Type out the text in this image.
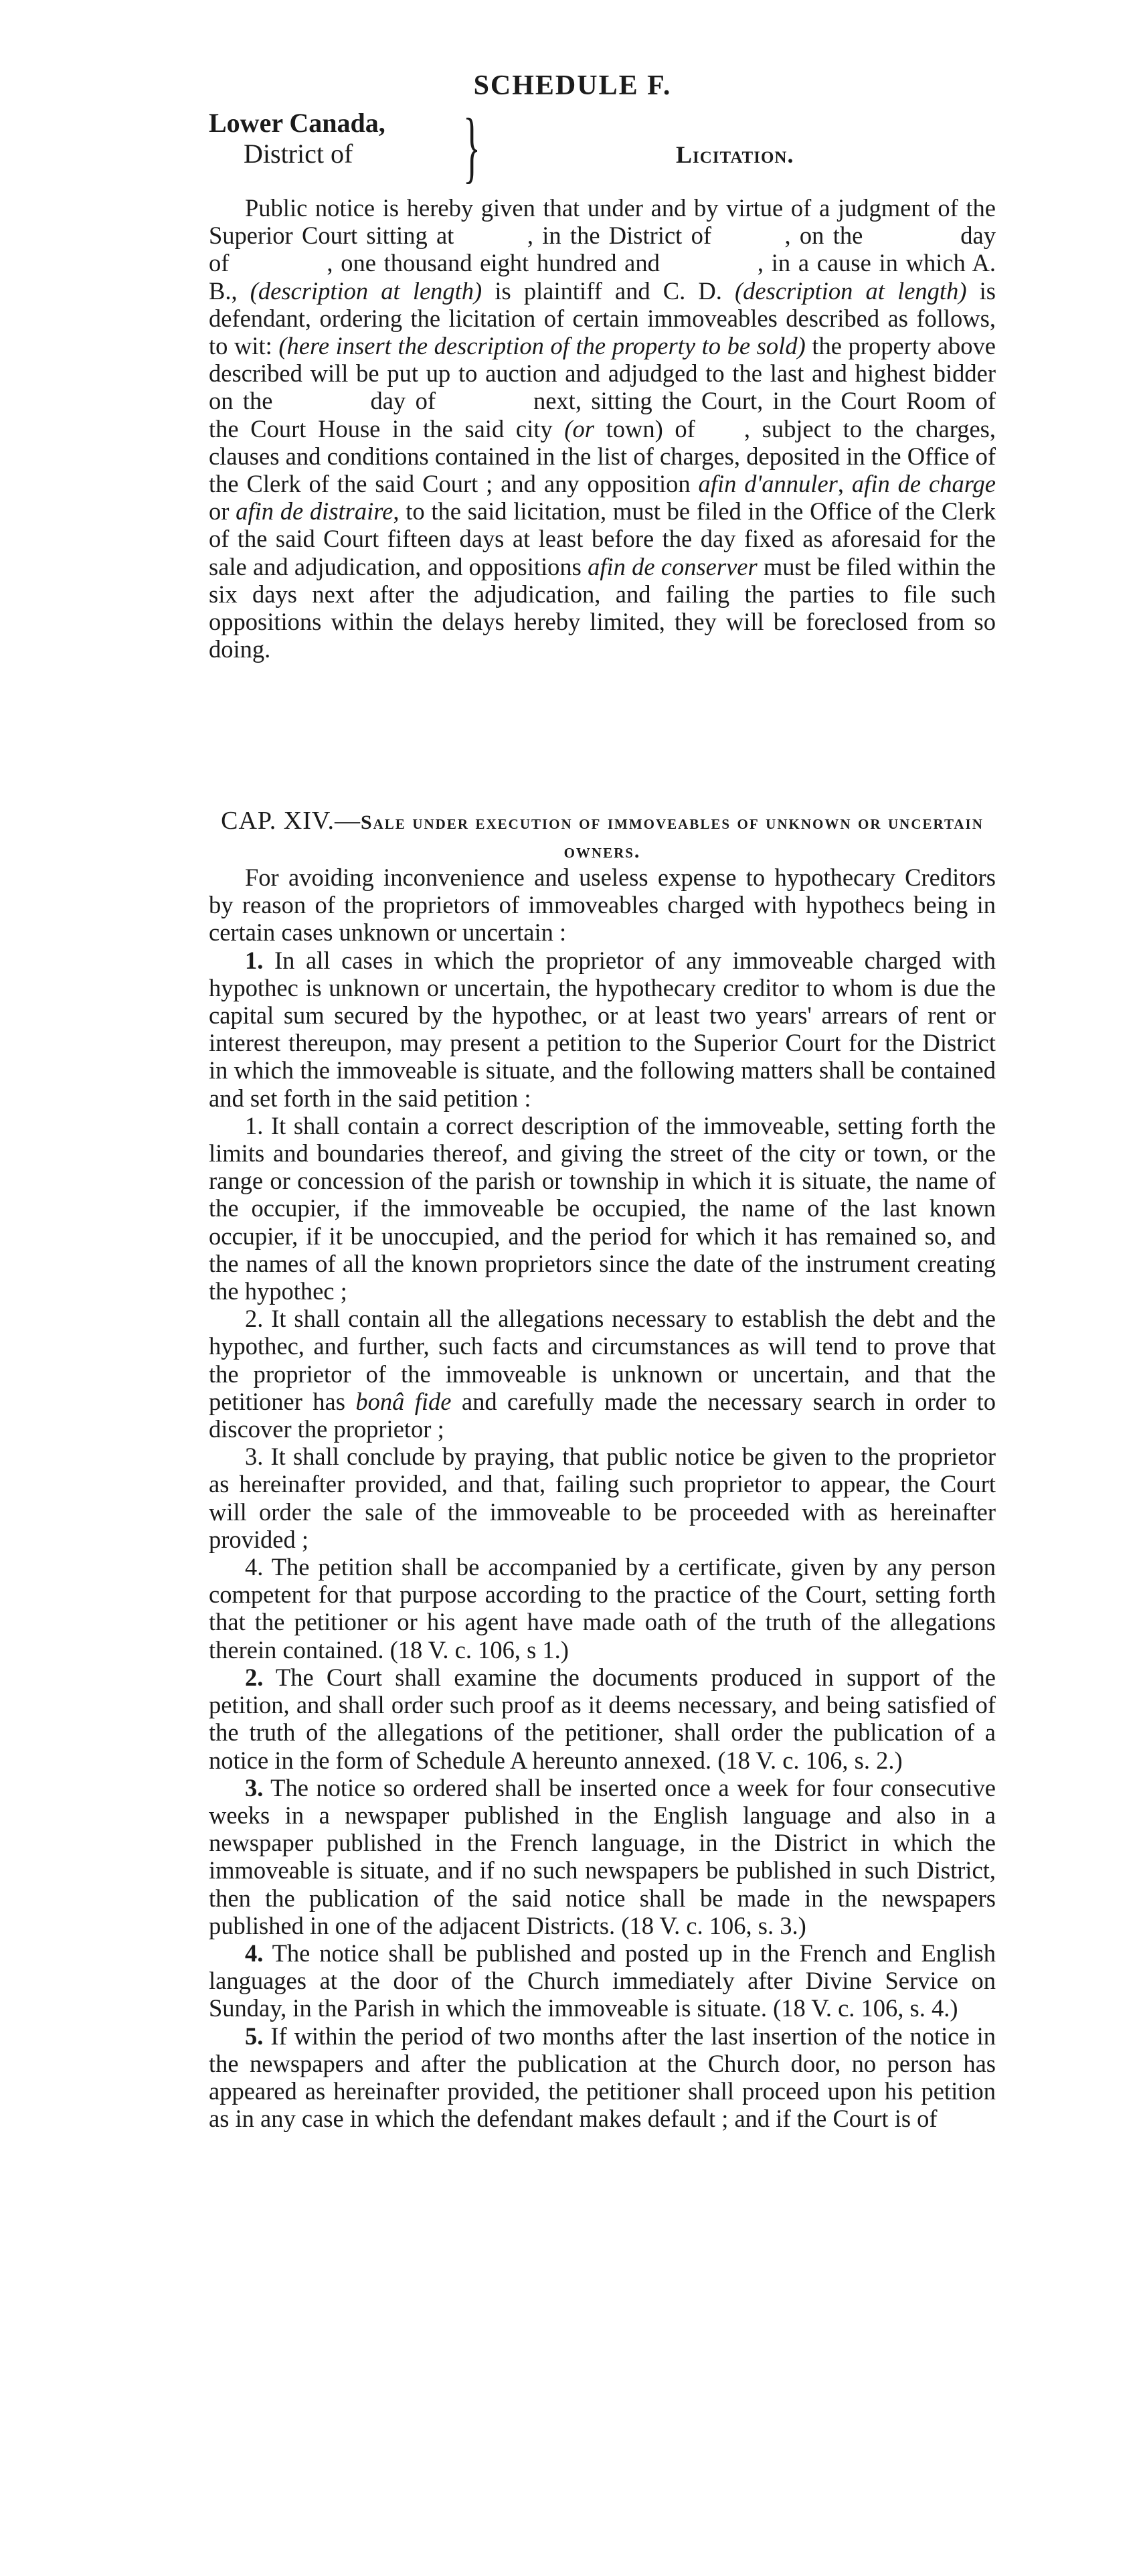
SCHEDULE F.
Lower Canada,
District of }	Licitation.

Public notice is hereby given that under and by virtue of a judgment of the Superior Court sitting at   , in the District of   , on the    day of    , one thousand eight hundred and    , in a cause in which A. B., (description at length) is plaintiff and C. D. (description at length) is defendant, ordering the licitation of certain immoveables described as follows, to wit: (here insert the description of the property to be sold) the property above described will be put up to auction and adjudged to the last and highest bidder on the    day of    next, sitting the Court, in the Court Room of the Court House in the said city (or town) of  , subject to the charges, clauses and conditions contained in the list of charges, deposited in the Office of the Clerk of the said Court ; and any opposition afin d'annuler, afin de charge or afin de distraire, to the said licitation, must be filed in the Office of the Clerk of the said Court fifteen days at least before the day fixed as aforesaid for the sale and adjudication, and oppositions afin de conserver must be filed within the six days next after the adjudication, and failing the parties to file such oppositions within the delays hereby limited, they will be foreclosed from so doing.

CAP. XIV.—Sale under execution of immoveables of unknown or uncertain owners.

For avoiding inconvenience and useless expense to hypothecary Creditors by reason of the proprietors of immoveables charged with hypothecs being in certain cases unknown or uncertain :

1. In all cases in which the proprietor of any immoveable charged with hypothec is unknown or uncertain, the hypothecary creditor to whom is due the capital sum secured by the hypothec, or at least two years' arrears of rent or interest thereupon, may present a petition to the Superior Court for the District in which the immoveable is situate, and the following matters shall be contained and set forth in the said petition :

1. It shall contain a correct description of the immoveable, setting forth the limits and boundaries thereof, and giving the street of the city or town, or the range or concession of the parish or township in which it is situate, the name of the occupier, if the immoveable be occupied, the name of the last known occupier, if it be unoccupied, and the period for which it has remained so, and the names of all the known proprietors since the date of the instrument creating the hypothec ;

2. It shall contain all the allegations necessary to establish the debt and the hypothec, and further, such facts and circumstances as will tend to prove that the proprietor of the immoveable is unknown or uncertain, and that the petitioner has bonâ fide and carefully made the necessary search in order to discover the proprietor ;

3. It shall conclude by praying, that public notice be given to the proprietor as hereinafter provided, and that, failing such proprietor to appear, the Court will order the sale of the immoveable to be proceeded with as hereinafter provided ;

4. The petition shall be accompanied by a certificate, given by any person competent for that purpose according to the practice of the Court, setting forth that the petitioner or his agent have made oath of the truth of the allegations therein contained. (18 V. c. 106, s 1.)

2. The Court shall examine the documents produced in support of the petition, and shall order such proof as it deems necessary, and being satisfied of the truth of the allegations of the petitioner, shall order the publication of a notice in the form of Schedule A hereunto annexed. (18 V. c. 106, s. 2.)

3. The notice so ordered shall be inserted once a week for four consecutive weeks in a newspaper published in the English language and also in a newspaper published in the French language, in the District in which the immoveable is situate, and if no such newspapers be published in such District, then the publication of the said notice shall be made in the newspapers published in one of the adjacent Districts. (18 V. c. 106, s. 3.)

4. The notice shall be published and posted up in the French and English languages at the door of the Church immediately after Divine Service on Sunday, in the Parish in which the immoveable is situate. (18 V. c. 106, s. 4.)

5. If within the period of two months after the last insertion of the notice in the newspapers and after the publication at the Church door, no person has appeared as hereinafter provided, the petitioner shall proceed upon his petition as in any case in which the defendant makes default ; and if the Court is of
